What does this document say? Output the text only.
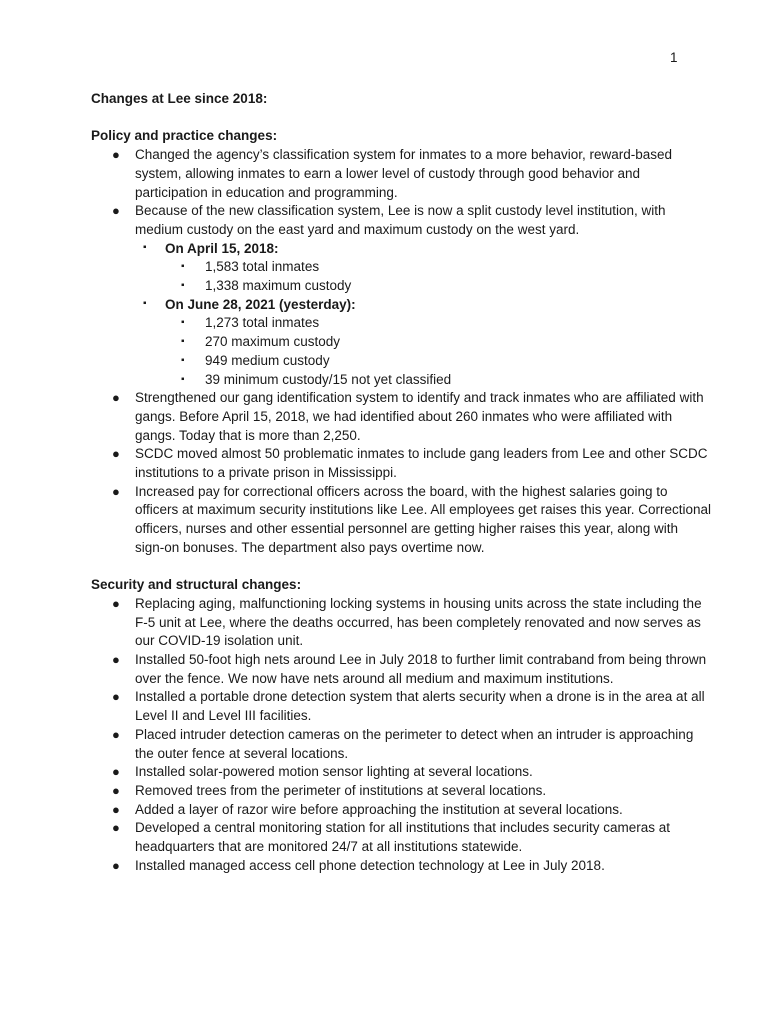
1
Changes at Lee since 2018:
Policy and practice changes:
● Changed the agency’s classification system for inmates to a more behavior, reward-based system, allowing inmates to earn a lower level of custody through good behavior and participation in education and programming.
● Because of the new classification system, Lee is now a split custody level institution, with medium custody on the east yard and maximum custody on the west yard.
▪ On April 15, 2018:
▪ 1,583 total inmates
▪ 1,338 maximum custody
▪ On June 28, 2021 (yesterday):
▪ 1,273 total inmates
▪ 270 maximum custody
▪ 949 medium custody
▪ 39 minimum custody/15 not yet classified
● Strengthened our gang identification system to identify and track inmates who are affiliated with gangs. Before April 15, 2018, we had identified about 260 inmates who were affiliated with gangs. Today that is more than 2,250.
● SCDC moved almost 50 problematic inmates to include gang leaders from Lee and other SCDC institutions to a private prison in Mississippi.
● Increased pay for correctional officers across the board, with the highest salaries going to officers at maximum security institutions like Lee. All employees get raises this year. Correctional officers, nurses and other essential personnel are getting higher raises this year, along with sign-on bonuses. The department also pays overtime now.
Security and structural changes:
● Replacing aging, malfunctioning locking systems in housing units across the state including the F-5 unit at Lee, where the deaths occurred, has been completely renovated and now serves as our COVID-19 isolation unit.
● Installed 50-foot high nets around Lee in July 2018 to further limit contraband from being thrown over the fence. We now have nets around all medium and maximum institutions.
● Installed a portable drone detection system that alerts security when a drone is in the area at all Level II and Level III facilities.
● Placed intruder detection cameras on the perimeter to detect when an intruder is approaching the outer fence at several locations.
● Installed solar-powered motion sensor lighting at several locations.
● Removed trees from the perimeter of institutions at several locations.
● Added a layer of razor wire before approaching the institution at several locations.
● Developed a central monitoring station for all institutions that includes security cameras at headquarters that are monitored 24/7 at all institutions statewide.
● Installed managed access cell phone detection technology at Lee in July 2018.
